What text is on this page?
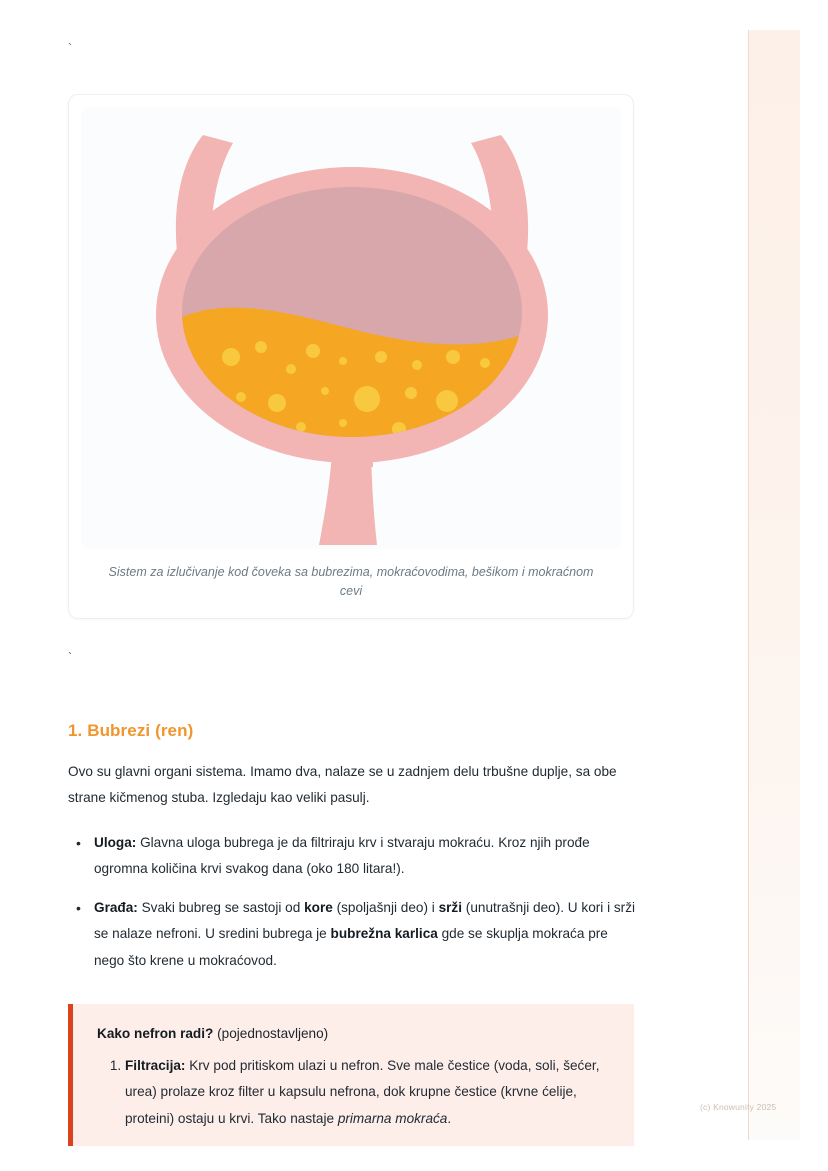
`
Sistem za izlučivanje kod čoveka sa bubrezima, mokraćovodima, bešikom i mokraćnom cevi
`
1. Bubrezi (ren)

Ovo su glavni organi sistema. Imamo dva, nalaze se u zadnjem delu trbušne duplje, sa obe strane kičmenog stuba. Izgledaju kao veliki pasulj.

• Uloga: Glavna uloga bubrega je da filtriraju krv i stvaraju mokraću. Kroz njih prođe ogromna količina krvi svakog dana (oko 180 litara!).
• Građa: Svaki bubreg se sastoji od kore (spoljašnji deo) i srži (unutrašnji deo). U kori i srži se nalaze nefroni. U sredini bubrega je bubrežna karlica gde se skuplja mokraća pre nego što krene u mokraćovod.

Kako nefron radi? (pojednostavljeno)

1. Filtracija: Krv pod pritiskom ulazi u nefron. Sve male čestice (voda, soli, šećer, urea) prolaze kroz filter u kapsulu nefrona, dok krupne čestice (krvne ćelije, proteini) ostaju u krvi. Tako nastaje primarna mokraća.
(c) Knowunity 2025
